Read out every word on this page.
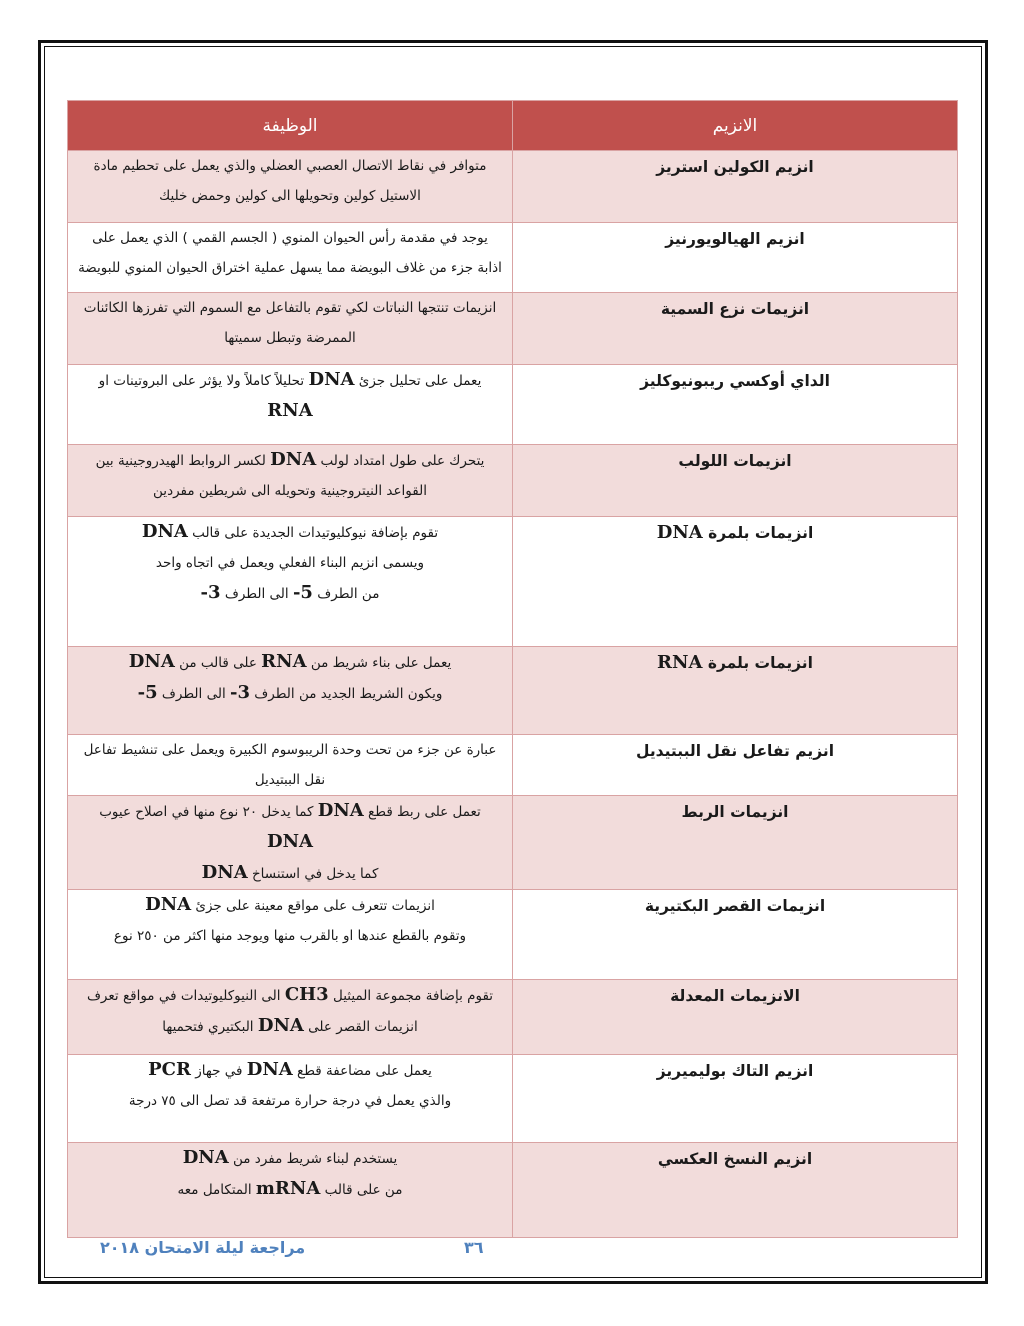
الانزيم	الوظيفة
انزيم الكولين استريز	متوافر في نقاط الاتصال العصبي العضلي والذي يعمل على تحطيم مادة الاستيل كولين وتحويلها الى كولين وحمض خليك

انزيم الهيالويورنيز	يوجد في مقدمة رأس الحيوان المنوي ( الجسم القمي ) الذي يعمل على اذابة جزء من غلاف البويضة مما يسهل عملية اختراق الحيوان المنوي للبويضة

انزيمات نزع السمية	انزيمات تنتجها النباتات لكي تقوم بالتفاعل مع السموم التي تفرزها الكائنات الممرضة وتبطل سميتها

الداي أوكسي ريبونيوكليز	يعمل على تحليل جزئ DNA تحليلاً كاملاً ولا يؤثر على البروتينات او RNA

انزيمات اللولب	يتحرك على طول امتداد لولب DNA لكسر الروابط الهيدروجينية بين القواعد النيتروجينية وتحويله الى شريطين مفردين

انزيمات بلمرة DNA	تقوم بإضافة نيوكليوتيدات الجديدة على قالب DNA
ويسمى انزيم البناء الفعلي ويعمل في اتجاه واحد
من الطرف 5- الى الطرف 3-

انزيمات بلمرة RNA	يعمل على بناء شريط من RNA على قالب من DNA
ويكون الشريط الجديد من الطرف 3- الى الطرف 5-

انزيم تفاعل نقل الببتيديل	عبارة عن جزء من تحت وحدة الريبوسوم الكبيرة ويعمل على تنشيط تفاعل نقل الببتيديل

انزيمات الربط	تعمل على ربط قطع DNA كما يدخل ٢٠ نوع منها في اصلاح عيوب DNA
كما يدخل في استنساخ DNA

انزيمات القصر البكتيرية	انزيمات تتعرف على مواقع معينة على جزئ DNA
وتقوم بالقطع عندها او بالقرب منها ويوجد منها اكثر من ٢٥٠ نوع

الانزيمات المعدلة	تقوم بإضافة مجموعة الميثيل CH3 الى النيوكليوتيدات في مواقع تعرف انزيمات القصر على DNA البكتيري فتحميها

انزيم التاك بوليميريز	يعمل على مضاعفة قطع DNA في جهاز PCR
والذي يعمل في درجة حرارة مرتفعة قد تصل الى ٧٥ درجة

انزيم النسخ العكسي	يستخدم لبناء شريط مفرد من DNA
من على قالب mRNA المتكامل معه
مراجعة ليلة الامتحان ٢٠١٨	٣٦
